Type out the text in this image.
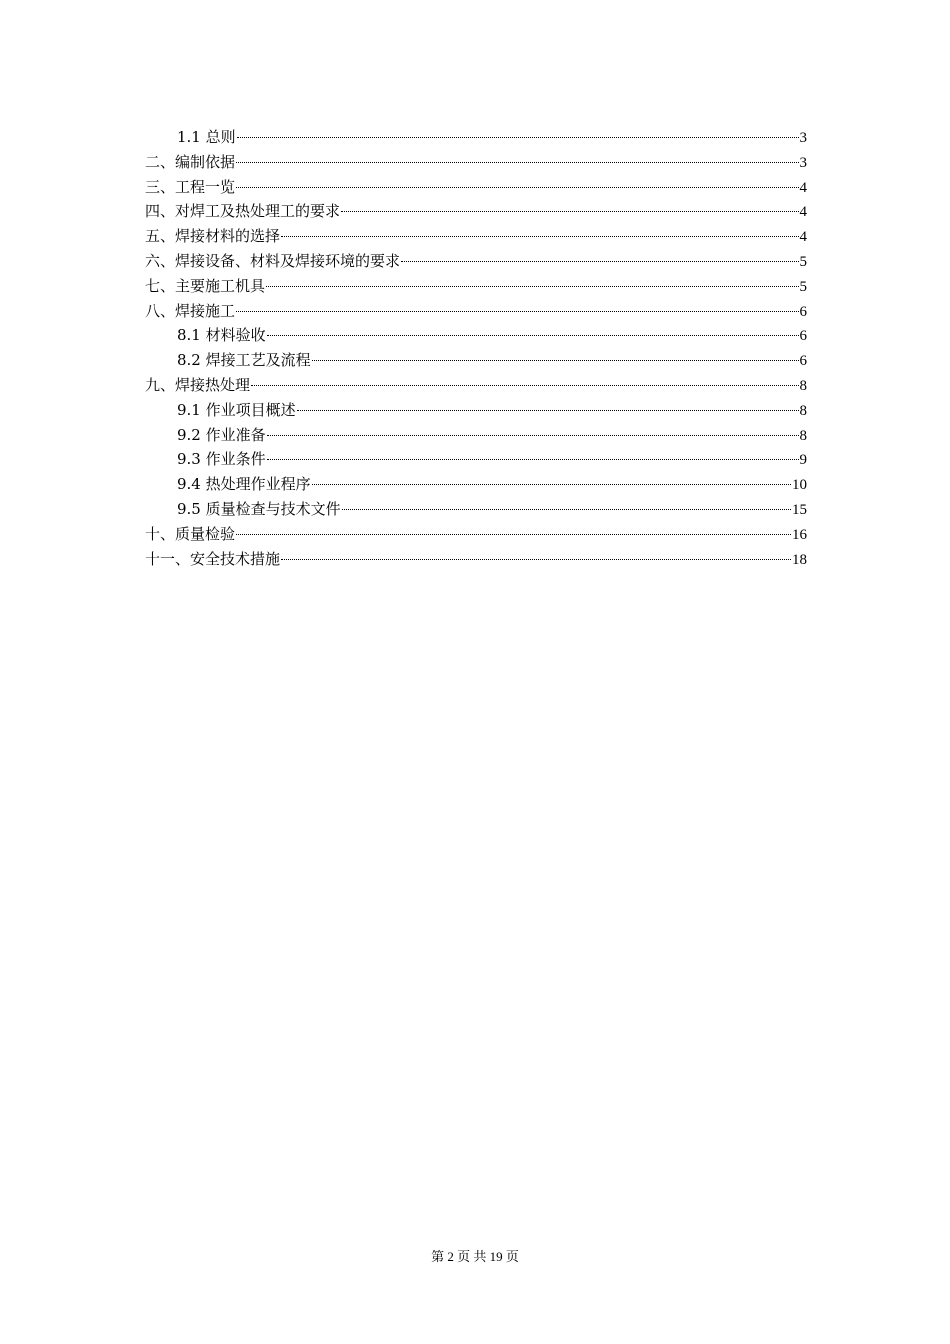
1.1 总则	3
二、编制依据	3
三、工程一览	4
四、对焊工及热处理工的要求	4
五、焊接材料的选择	4
六、焊接设备、材料及焊接环境的要求	5
七、主要施工机具	5
八、焊接施工	6
8.1 材料验收	6
8.2 焊接工艺及流程	6
九、焊接热处理	8
9.1 作业项目概述	8
9.2 作业准备	8
9.3 作业条件	9
9.4 热处理作业程序	10
9.5 质量检查与技术文件	15
十、质量检验	16
十一、安全技术措施	18
第 2 页 共 19 页
